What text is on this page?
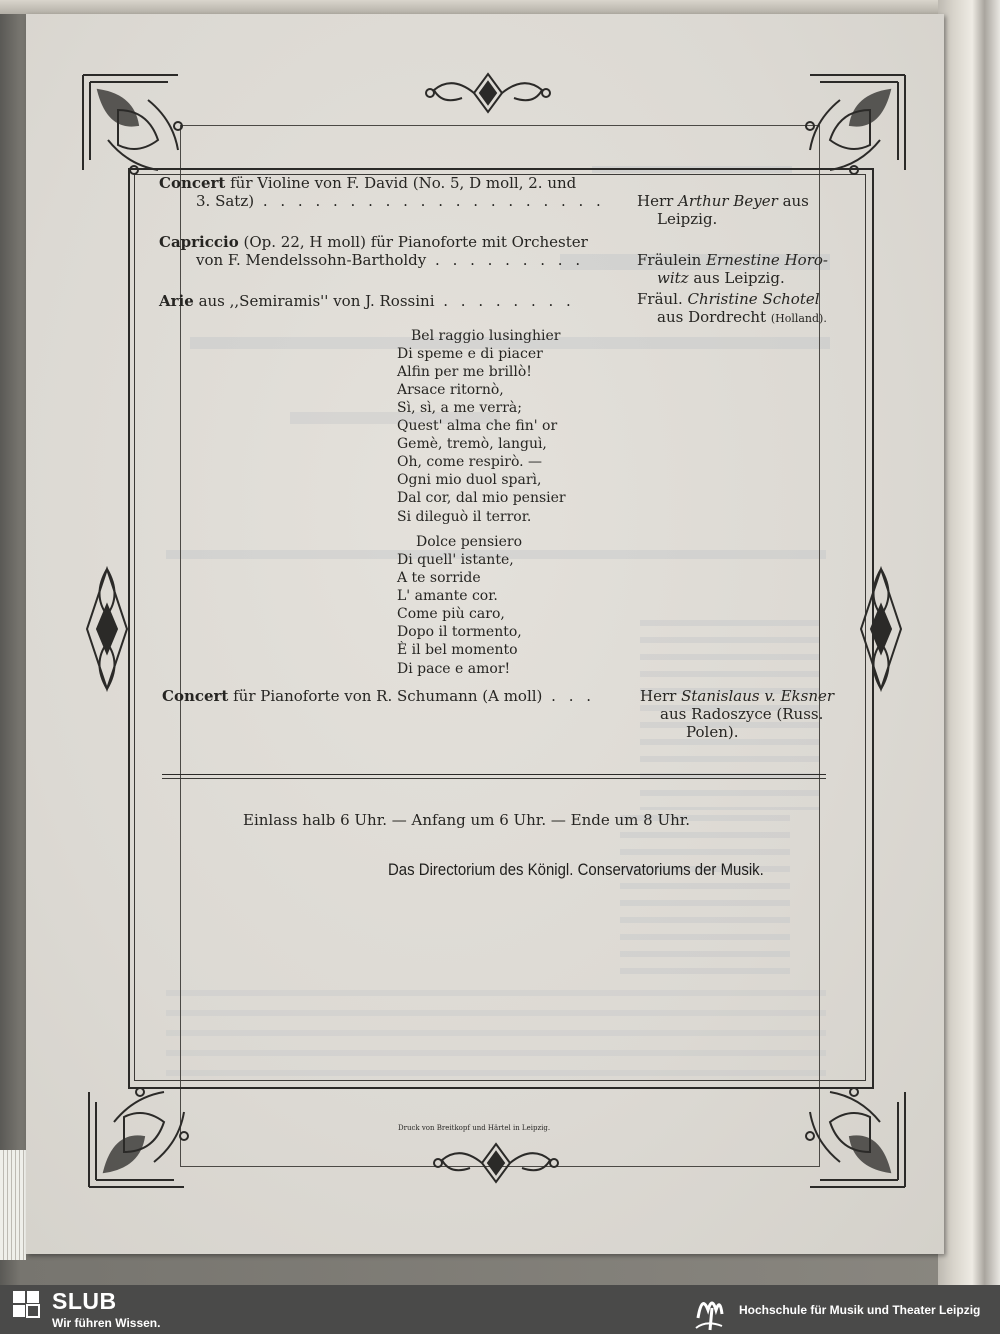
Concert für Violine von F. David (No. 5, D moll, 2. und
3. Satz) . . . . . . . . . . . . . . . . . . . . Herr Arthur Beyer aus
Leipzig.
Capriccio (Op. 22, H moll) für Pianoforte mit Orchester
von F. Mendelssohn-Bartholdy . . . . . . . . .	Fräulein Ernestine Horo-
witz aus Leipzig.
Arie aus ,,Semiramis'' von J. Rossini . . . . . . . .	Fräul. Christine Schotel
aus Dordrecht (Holland).
Bel raggio lusinghier
Di speme e di piacer
Alfin per me brillò!
Arsace ritornò,
Sì, sì, a me verrà;
Quest' alma che fin' or
Gemè, tremò, languì,
Oh, come respirò. —
Ogni mio duol sparì,
Dal cor, dal mio pensier
Si dileguò il terror.
Dolce pensiero
Di quell' istante,
A te sorride
L' amante cor.
Come più caro,
Dopo il tormento,
È il bel momento
Di pace e amor!
Concert für Pianoforte von R. Schumann (A moll) . . .	Herr Stanislaus v. Eksner
aus Radoszyce (Russ.
Polen).
Einlass halb 6 Uhr. — Anfang um 6 Uhr. — Ende um 8 Uhr.
Das Directorium des Königl. Conservatoriums der Musik.
Druck von Breitkopf und Härtel in Leipzig.
SLUB
Wir führen Wissen.
Hochschule für Musik und Theater Leipzig
